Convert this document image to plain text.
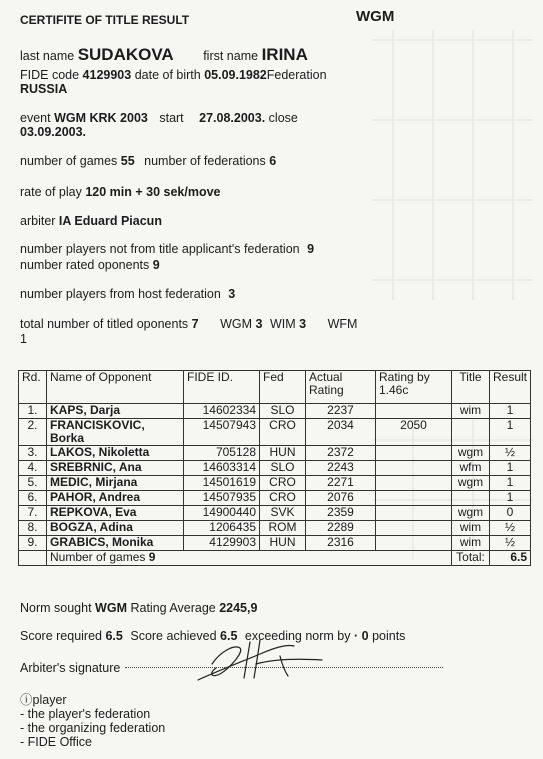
CERTIFITE OF TITLE RESULT	WGM
last name SUDAKOVA first name IRINA
FIDE code 4129903 date of birth 05.09.1982Federation
RUSSIA
event WGM KRK 2003 start 27.08.2003. close
03.09.2003.
number of games 55 number of federations 6
rate of play 120 min + 30 sek/move
arbiter IA Eduard Piacun
number players not from title applicant's federation 9
number rated oponents 9
number players from host federation 3
total number of titled oponents 7 WGM 3 WIM 3 WFM
1
Rd.	Name of Opponent	FIDE ID.	Fed	Actual Rating	Rating by 1.46c	Title	Result
1.	KAPS, Darja	14602334	SLO	2237		wim	1
2.	FRANCISKOVIC, Borka	14507943	CRO	2034	2050		1
3.	LAKOS, Nikoletta	705128	HUN	2372		wgm	½
4.	SREBRNIC, Ana	14603314	SLO	2243		wfm	1
5.	MEDIC, Mirjana	14501619	CRO	2271		wgm	1
6.	PAHOR, Andrea	14507935	CRO	2076			1
7.	REPKOVA, Eva	14900440	SVK	2359		wgm	0
8.	BOGZA, Adina	1206435	ROM	2289		wim	½
9.	GRABICS, Monika	4129903	HUN	2316		wim	½
	Number of games 9					Total:	6.5
Norm sought WGM Rating Average 2245,9
Score required 6.5 Score achieved 6.5 exceeding norm by · 0 points
Arbiter's signature
ⓘplayer
- the player's federation
- the organizing federation
- FIDE Office
